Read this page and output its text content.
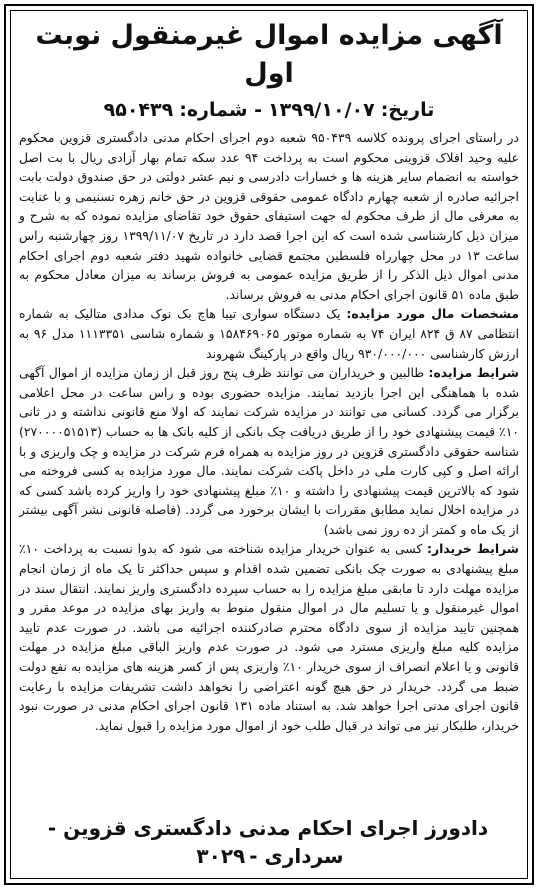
آگهی مزایده اموال غیرمنقول نوبت اول
تاریخ:۱۳۹۹/۱۰/۰۷- شماره:۹۵۰۴۳۹

در راستای اجرای پرونده کلاسه ۹۵۰۴۳۹ شعبه دوم اجرای احکام مدنی دادگستری قزوین محکوم علیه وحید افلاک قزوینی محکوم است به پرداخت ۹۴ عدد سکه تمام بهار آزادی ریال با بت اصل خواسته به انضمام سایر هزینه ها و خسارات دادرسی و نیم عشر دولتی در حق صندوق دولت بابت اجرائیه صادره از شعبه چهارم دادگاه عمومی حقوقی قزوین در حق خانم زهره تسنیمی و با عنایت به معرفی مال از طرف محکوم له جهت استیفای حقوق خود تقاضای مزایده نموده که به شرح و میزان ذیل کارشناسی شده است که این اجرا قصد دارد در تاریخ ۱۳۹۹/۱۱/۰۷ روز چهارشنبه راس ساعت ۱۳ در محل چهارراه فلسطین مجتمع قضایی خانواده شهید دفتر شعبه دوم اجرای احکام مدنی اموال ذیل الذکر را از طریق مزایده عمومی به فروش برساند به میزان معادل محکوم به طبق ماده ۵۱ قانون اجرای احکام مدنی به فروش برساند.

مشخصات مال مورد مزایده: یک دستگاه سواری تیبا هاچ بک نوک مدادی متالیک به شماره انتظامی ۸۷ ق ۸۲۴ ایران ۷۴ به شماره موتور ۱۵۸۴۶۹۰۶۵ و شماره شاسی ۱۱۱۳۳۵۱ مدل ۹۶ به ارزش کارشناسی ۹۳۰/۰۰۰/۰۰۰ ریال واقع در پارکینگ شهروند

شرایط مزایده: طالبین و خریداران می توانند ظرف پنج روز قبل از زمان مزایده از اموال آگهی شده با هماهنگی این اجرا بازدید نمایند. مزایده حضوری بوده و راس ساعت در محل اعلامی برگزار می گردد. کسانی می توانند در مزایده شرکت نمایند که اولا منع قانونی نداشته و در ثانی ۱۰٪ قیمت پیشنهادی خود را از طریق دریافت چک بانکی از کلیه بانک ها به حساب (۲۷۰۰۰۰۵۱۵۱۳) شناسه حقوقی دادگستری قزوین در روز مزایده به همراه فرم شرکت در مزایده و چک واریزی و با ارائه اصل و کپی کارت ملی در داخل پاکت شرکت نمایند. مال مورد مزایده به کسی فروخته می شود که بالاترین قیمت پیشنهادی را داشته و ۱۰٪ مبلغ پیشنهادی خود را واریز کرده باشد کسی که در مزایده اخلال نماید مطابق مقررات با ایشان برخورد می گردد. (فاصله قانونی نشر آگهی بیشتر از یک ماه و کمتر از ده روز نمی باشد)

شرایط خریدار: کسی به عنوان خریدار مزایده شناخته می شود که بدوا نسبت به پرداخت ۱۰٪ مبلغ پیشنهادی به صورت چک بانکی تضمین شده اقدام و سپس حداکثر تا یک ماه از زمان انجام مزایده مهلت دارد تا مابقی مبلغ مزایده را به حساب سپرده دادگستری واریز نمایند. انتقال سند در اموال غیرمنقول و یا تسلیم مال در اموال منقول منوط به واریز بهای مزایده در موعد مقرر و همچنین تایید مزایده از سوی دادگاه محترم صادرکننده اجرائیه می باشد. در صورت عدم تایید مزایده کلیه مبلغ واریزی مسترد می شود. در صورت عدم واریز الباقی مبلغ مزایده در مهلت قانونی و یا اعلام انصراف از سوی خریدار ۱۰٪ واریزی پس از کسر هزینه های مزایده به نفع دولت ضبط می گردد. خریدار در حق هیچ گونه اعتراضی را نخواهد داشت تشریفات مزایده با رعایت قانون اجرای مدنی اجرا خواهد شد. به استناد ماده ۱۳۱ قانون اجرای احکام مدنی در صورت نبود خریدار، طلبکار نیز می تواند در قبال طلب خود از اموال مورد مزایده را قبول نماید.

دادورز اجرای احکام مدنی دادگستری قزوین - سرداری -۳۰۲۹
